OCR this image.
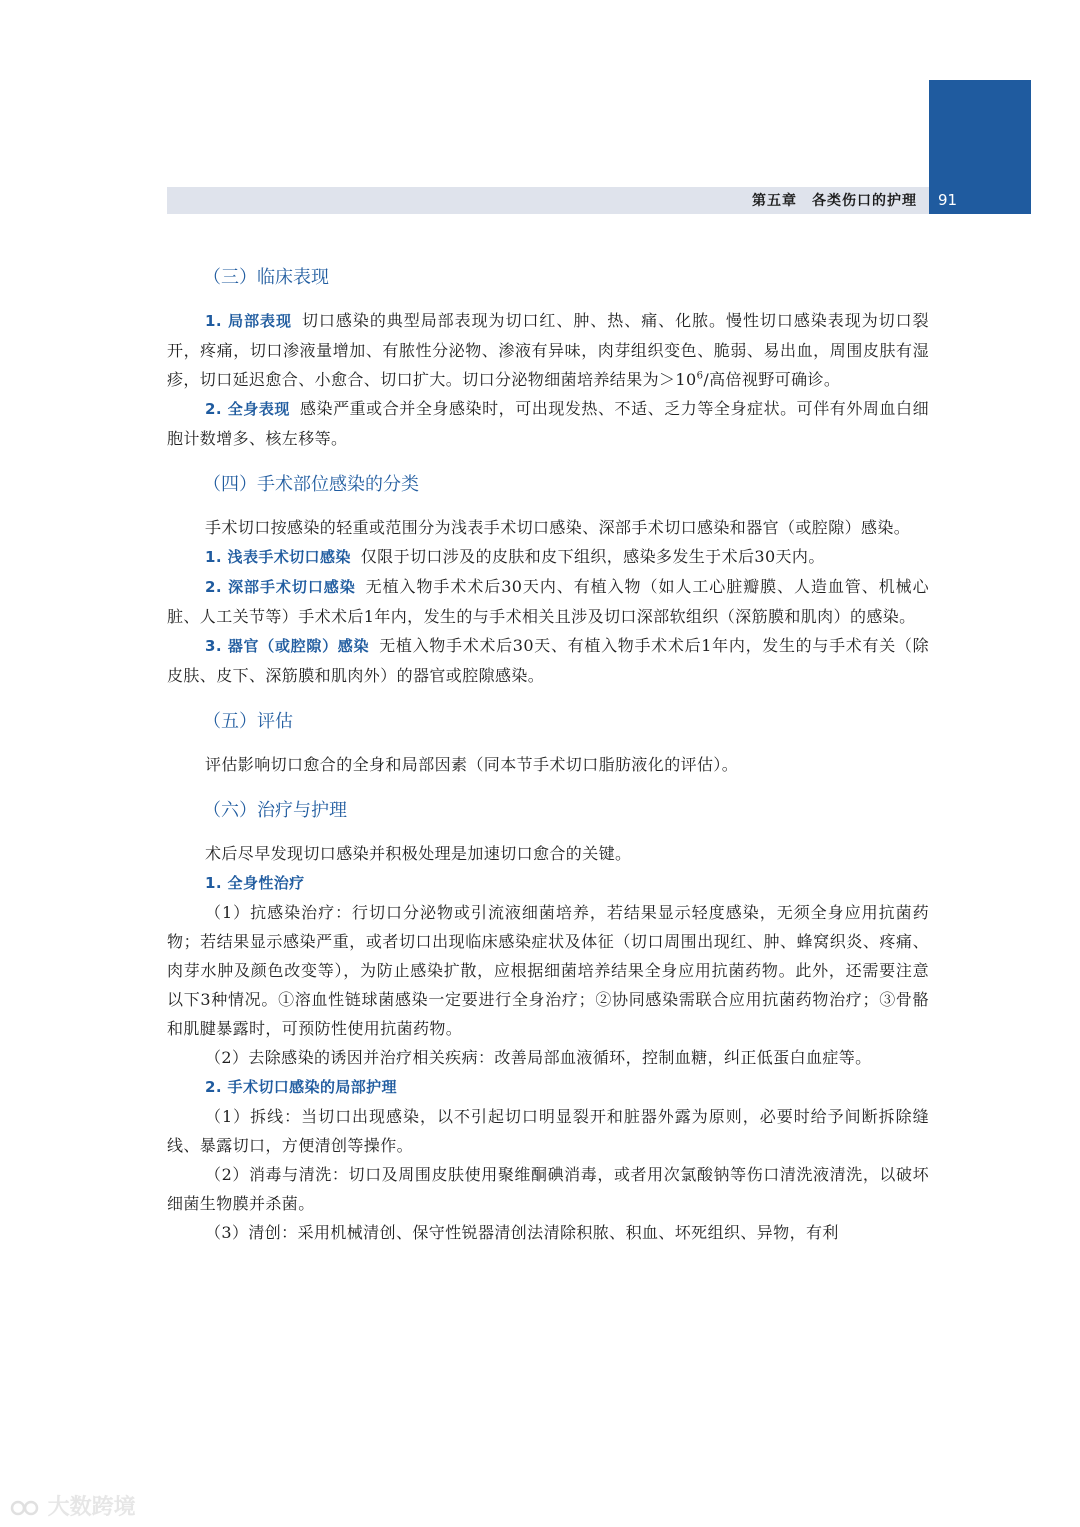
第五章　各类伤口的护理 91
（三）临床表现

1. 局部表现 切口感染的典型局部表现为切口红、肿、热、痛、化脓。慢性切口感染表现为切口裂开，疼痛，切口渗液量增加、有脓性分泌物、渗液有异味，肉芽组织变色、脆弱、易出血，周围皮肤有湿疹，切口延迟愈合、小愈合、切口扩大。切口分泌物细菌培养结果为$>10^6/$高倍视野可确诊。

2. 全身表现 感染严重或合并全身感染时，可出现发热、不适、乏力等全身症状。可伴有外周血白细胞计数增多、核左移等。

（四）手术部位感染的分类

手术切口按感染的轻重或范围分为浅表手术切口感染、深部手术切口感染和器官（或腔隙）感染。

1. 浅表手术切口感染 仅限于切口涉及的皮肤和皮下组织，感染多发生于术后30天内。

2. 深部手术切口感染 无植入物手术术后30天内、有植入物（如人工心脏瓣膜、人造血管、机械心脏、人工关节等）手术术后1年内，发生的与手术相关且涉及切口深部软组织（深筋膜和肌肉）的感染。

3. 器官（或腔隙）感染 无植入物手术术后30天、有植入物手术术后1年内，发生的与手术有关（除皮肤、皮下、深筋膜和肌肉外）的器官或腔隙感染。

（五）评估

评估影响切口愈合的全身和局部因素（同本节手术切口脂肪液化的评估）。

（六）治疗与护理

术后尽早发现切口感染并积极处理是加速切口愈合的关键。

1. 全身性治疗

（1）抗感染治疗：行切口分泌物或引流液细菌培养，若结果显示轻度感染，无须全身应用抗菌药物；若结果显示感染严重，或者切口出现临床感染症状及体征（切口周围出现红、肿、蜂窝织炎、疼痛、肉芽水肿及颜色改变等），为防止感染扩散，应根据细菌培养结果全身应用抗菌药物。此外，还需要注意以下3种情况。①溶血性链球菌感染一定要进行全身治疗；②协同感染需联合应用抗菌药物治疗；③骨骼和肌腱暴露时，可预防性使用抗菌药物。

（2）去除感染的诱因并治疗相关疾病：改善局部血液循环，控制血糖，纠正低蛋白血症等。

2. 手术切口感染的局部护理

（1）拆线：当切口出现感染，以不引起切口明显裂开和脏器外露为原则，必要时给予间断拆除缝线、暴露切口，方便清创等操作。

（2）消毒与清洗：切口及周围皮肤使用聚维酮碘消毒，或者用次氯酸钠等伤口清洗液清洗，以破坏细菌生物膜并杀菌。

（3）清创：采用机械清创、保守性锐器清创法清除积脓、积血、坏死组织、异物，有利

大数跨境
